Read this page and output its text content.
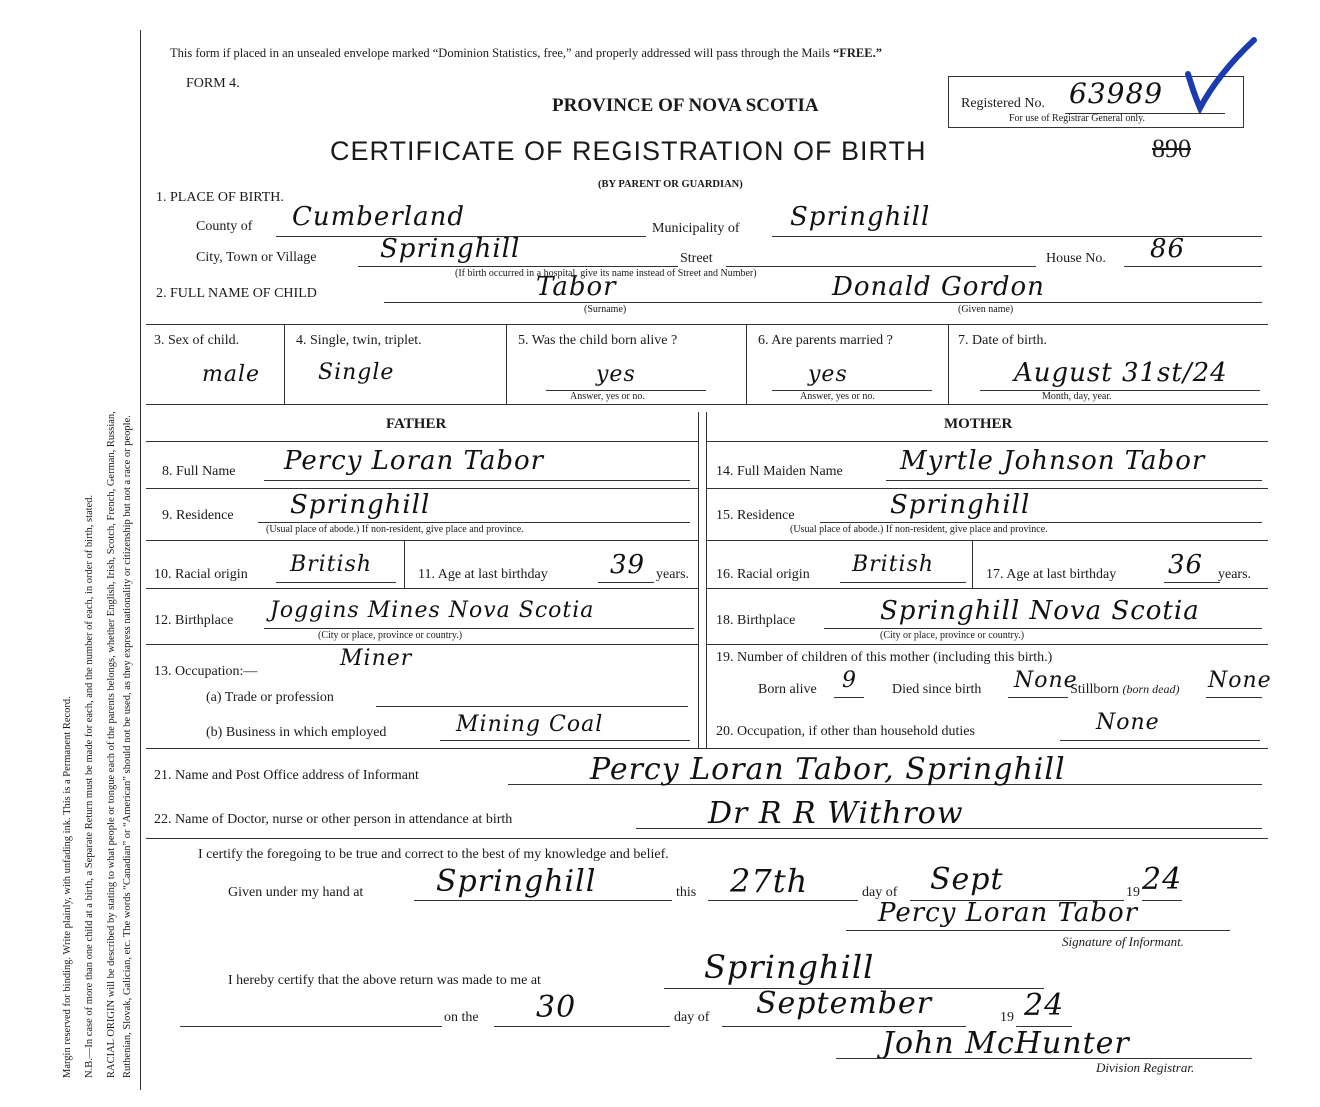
Margin reserved for binding. Write plainly, with unfading ink. This is a Permanent Record. N.B.—In case of more than one child at a birth, a Separate Return must be made for each, and the number of each, in order of birth, stated. RACIAL ORIGIN will be described by stating to what people or tongue each of the parents belongs, whether English, Irish, Scotch, French, German, Russian, Ruthenian, Slovak, Galician, etc. The words “Canadian” or “American” should not be used, as they express nationality or citizenship but not a race or people.
This form if placed in an unsealed envelope marked “Dominion Statistics, free,” and properly addressed will pass through the Mails “FREE.”
FORM 4.
PROVINCE OF NOVA SCOTIA
CERTIFICATE OF REGISTRATION OF BIRTH
(BY PARENT OR GUARDIAN)
Registered No. 63989
For use of Registrar General only.
890
1. PLACE OF BIRTH.
County of Cumberland	Municipality of Springhill
City, Town or Village Springhill	Street	House No. 86
(If birth occurred in a hospital, give its name instead of Street and Number)
2. FULL NAME OF CHILD	Tabor
(Surname)
Donald Gordon
(Given name)
3. Sex of child.
male
4. Single, twin, triplet.
Single
5. Was the child born alive ?
yes
Answer, yes or no.
6. Are parents married ?
yes
Answer, yes or no.
7. Date of birth.
August 31st/24
Month, day, year.
FATHER	MOTHER
8. Full Name Percy Loran Tabor
9. Residence Springhill
(Usual place of abode.) If non-resident, give place and province.
10. Racial origin British	11. Age at last birthday 39 years.
12. Birthplace Joggins Mines Nova Scotia
(City or place, province or country.)
13. Occupation:—
Miner
(a) Trade or profession
(b) Business in which employed	Mining Coal
14. Full Maiden Name Myrtle Johnson Tabor
15. Residence	Springhill
(Usual place of abode.) If non-resident, give place and province.
16. Racial origin British	17. Age at last birthday 36 years.
18. Birthplace	Springhill Nova Scotia
(City or place, province or country.)
19. Number of children of this mother (including this birth.)
Born alive 9	Died since birth None
Stillborn (born dead) None
20. Occupation, if other than household duties	None
21. Name and Post Office address of Informant	Percy Loran Tabor, Springhill
22. Name of Doctor, nurse or other person in attendance at birth	Dr R R Withrow
I certify the foregoing to be true and correct to the best of my knowledge and belief.
Given under my hand at Springhill	this 27th	day of Sept	19 24
Percy Loran Tabor
Signature of Informant.
I hereby certify that the above return was made to me at	Springhill
on the 30	day of September	19 24
John McHunter
Division Registrar.
